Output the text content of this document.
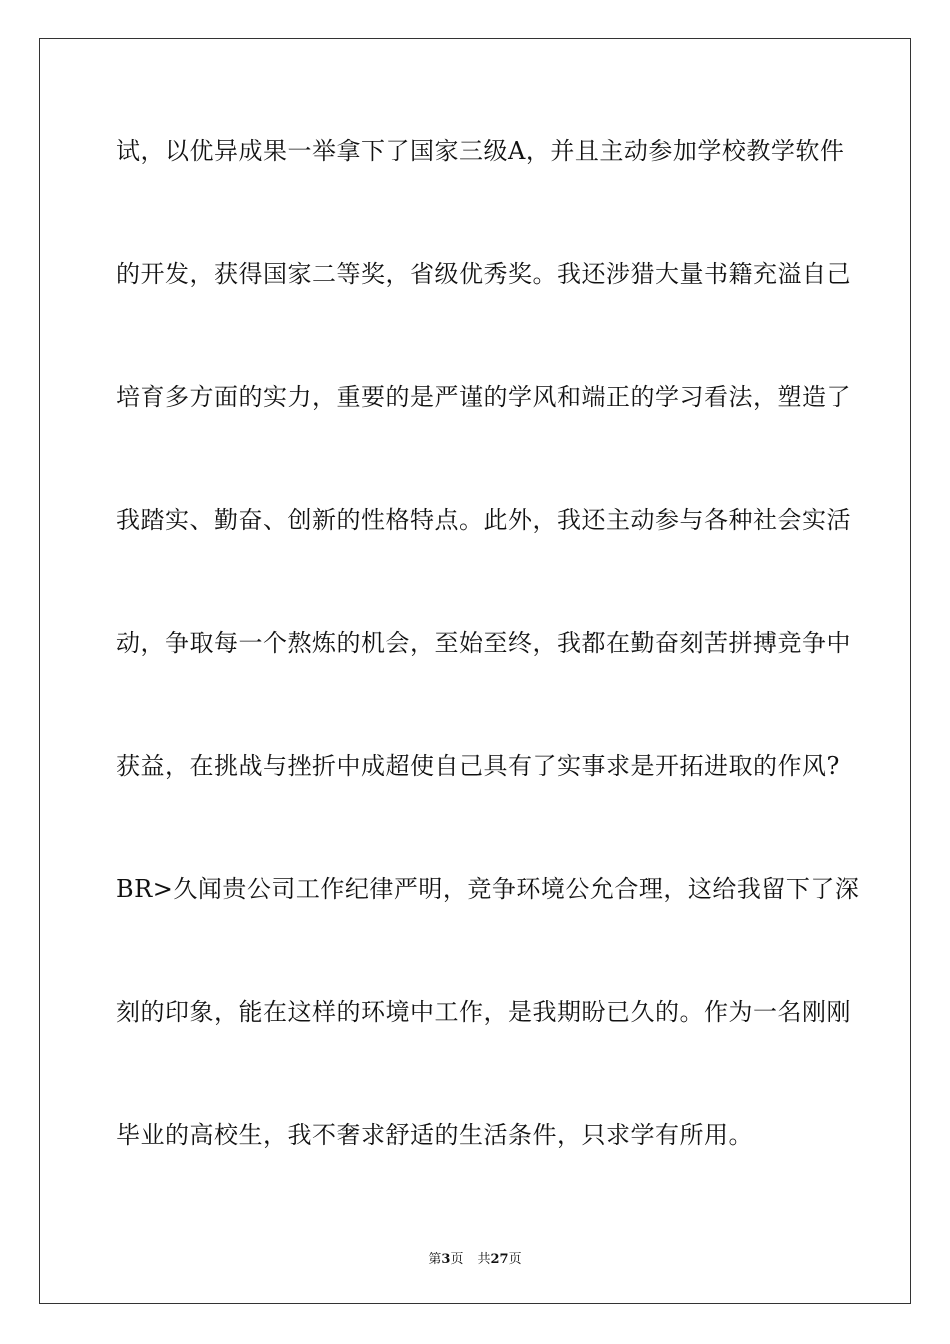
试，以优异成果一举拿下了国家三级A，并且主动参加学校教学软件
的开发，获得国家二等奖，省级优秀奖。我还涉猎大量书籍充溢自己
培育多方面的实力，重要的是严谨的学风和端正的学习看法，塑造了
我踏实、勤奋、创新的性格特点。此外，我还主动参与各种社会实活
动，争取每一个熬炼的机会，至始至终，我都在勤奋刻苦拼搏竞争中
获益，在挑战与挫折中成超使自己具有了实事求是开拓进取的作风?
BR>久闻贵公司工作纪律严明，竞争环境公允合理，这给我留下了深
刻的印象，能在这样的环境中工作，是我期盼已久的。作为一名刚刚
毕业的高校生，我不奢求舒适的生活条件，只求学有所用。
第3页 共27页
